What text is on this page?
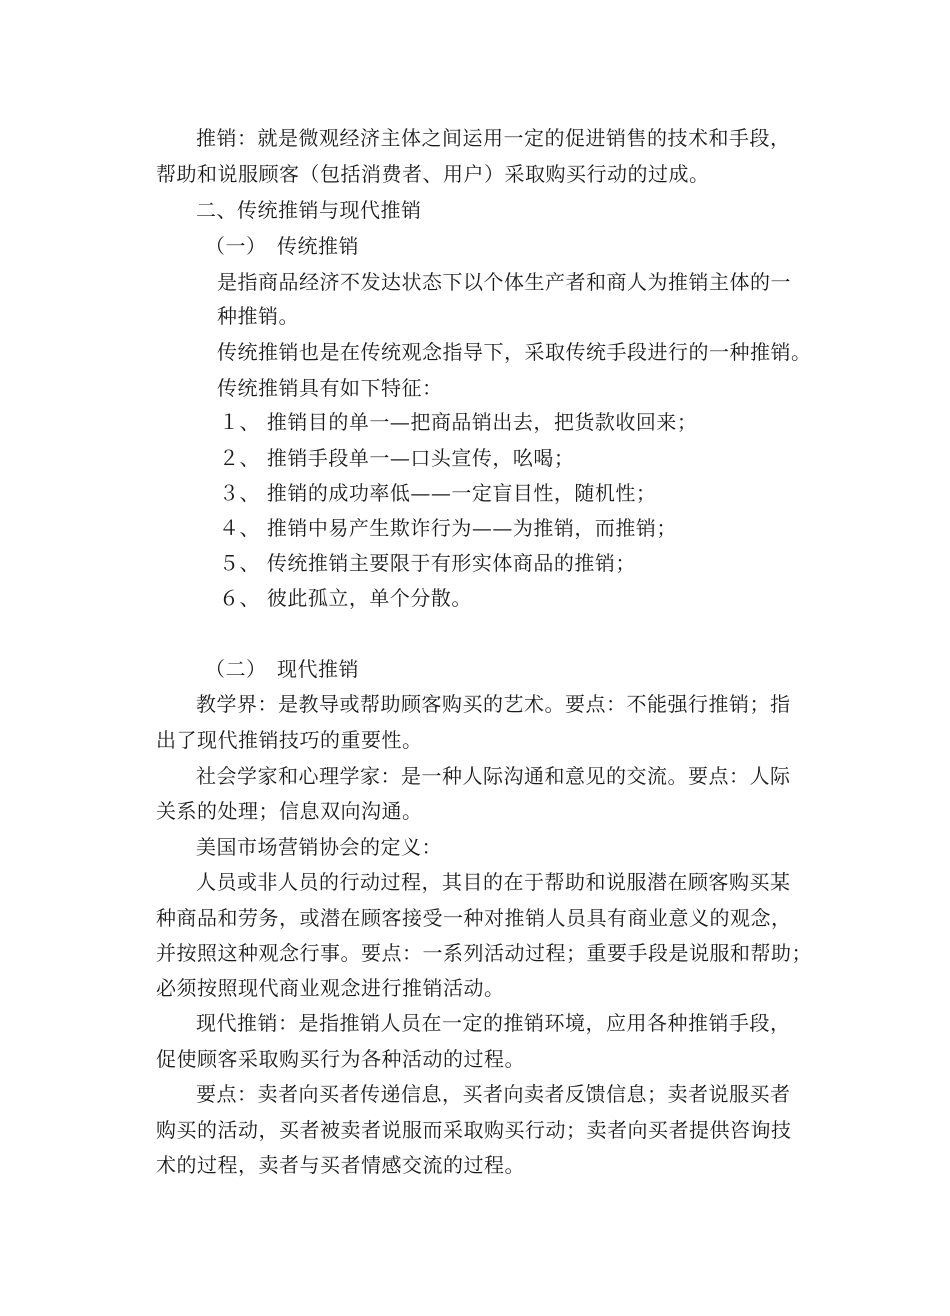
推销：就是微观经济主体之间运用一定的促进销售的技术和手段，
帮助和说服顾客（包括消费者、用户）采取购买行动的过成。
二、传统推销与现代推销
（一）　传统推销
是指商品经济不发达状态下以个体生产者和商人为推销主体的一
种推销。
传统推销也是在传统观念指导下，采取传统手段进行的一种推销。
传统推销具有如下特征：
１、 推销目的单一—把商品销出去，把货款收回来；
２、 推销手段单一—口头宣传，吆喝；
３、 推销的成功率低——一定盲目性，随机性；
４、 推销中易产生欺诈行为——为推销，而推销；
５、 传统推销主要限于有形实体商品的推销；
６、 彼此孤立，单个分散。
（二）　现代推销
教学界：是教导或帮助顾客购买的艺术。要点：不能强行推销；指
出了现代推销技巧的重要性。
社会学家和心理学家：是一种人际沟通和意见的交流。要点：人际
关系的处理；信息双向沟通。
美国市场营销协会的定义：
人员或非人员的行动过程，其目的在于帮助和说服潜在顾客购买某
种商品和劳务，或潜在顾客接受一种对推销人员具有商业意义的观念，
并按照这种观念行事。要点：一系列活动过程；重要手段是说服和帮助；
必须按照现代商业观念进行推销活动。
现代推销：是指推销人员在一定的推销环境，应用各种推销手段，
促使顾客采取购买行为各种活动的过程。
要点：卖者向买者传递信息，买者向卖者反馈信息；卖者说服买者
购买的活动，买者被卖者说服而采取购买行动；卖者向买者提供咨询技
术的过程，卖者与买者情感交流的过程。
